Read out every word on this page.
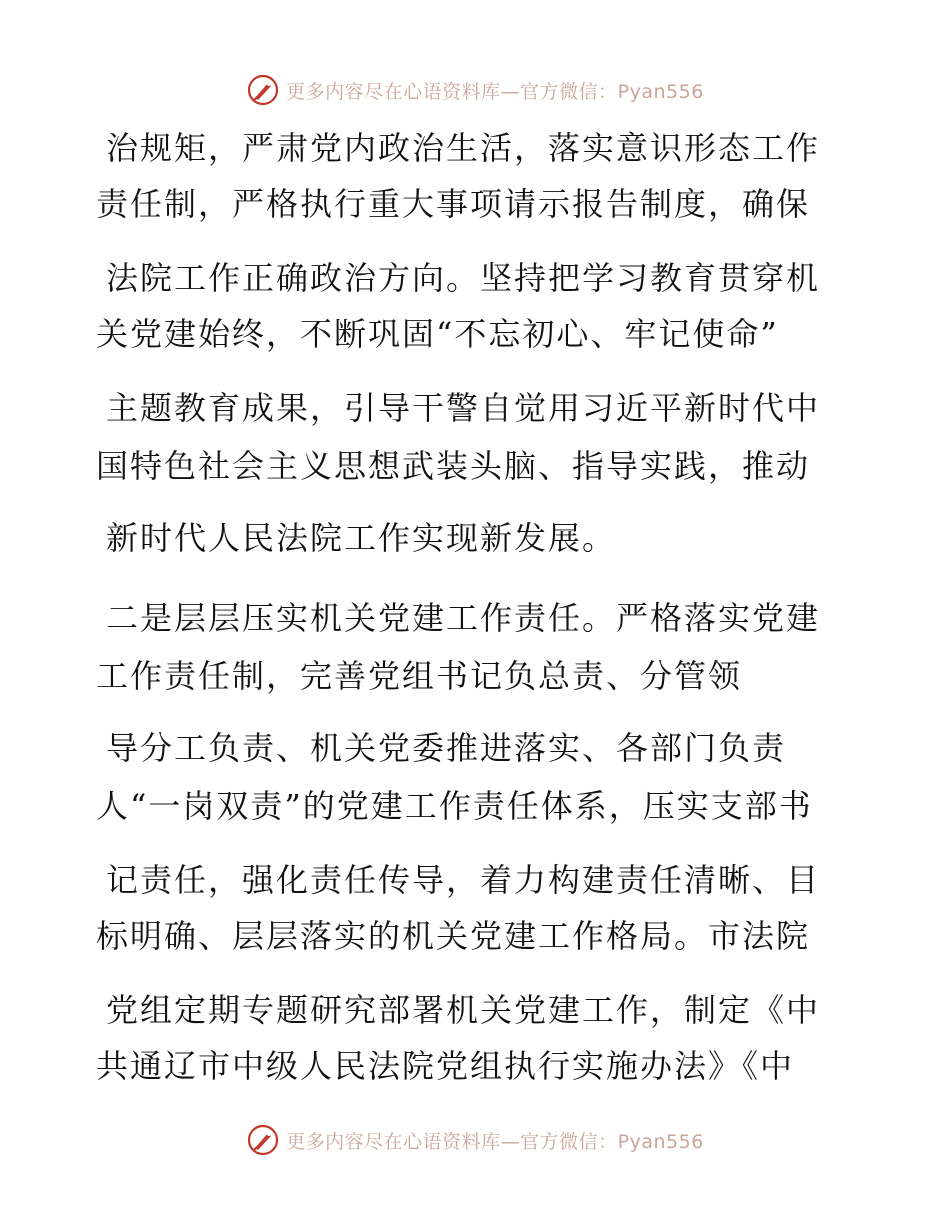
更多内容尽在心语资料库—官方微信：Pyan556
治规矩，严肃党内政治生活，落实意识形态工作
责任制，严格执行重大事项请示报告制度，确保
法院工作正确政治方向。坚持把学习教育贯穿机
关党建始终，不断巩固“不忘初心、牢记使命”
主题教育成果，引导干警自觉用习近平新时代中
国特色社会主义思想武装头脑、指导实践，推动
新时代人民法院工作实现新发展。
二是层层压实机关党建工作责任。严格落实党建
工作责任制，完善党组书记负总责、分管领
导分工负责、机关党委推进落实、各部门负责
人“一岗双责”的党建工作责任体系，压实支部书
记责任，强化责任传导，着力构建责任清晰、目
标明确、层层落实的机关党建工作格局。市法院
党组定期专题研究部署机关党建工作，制定《中
共通辽市中级人民法院党组执行实施办法》《中
更多内容尽在心语资料库—官方微信：Pyan556
